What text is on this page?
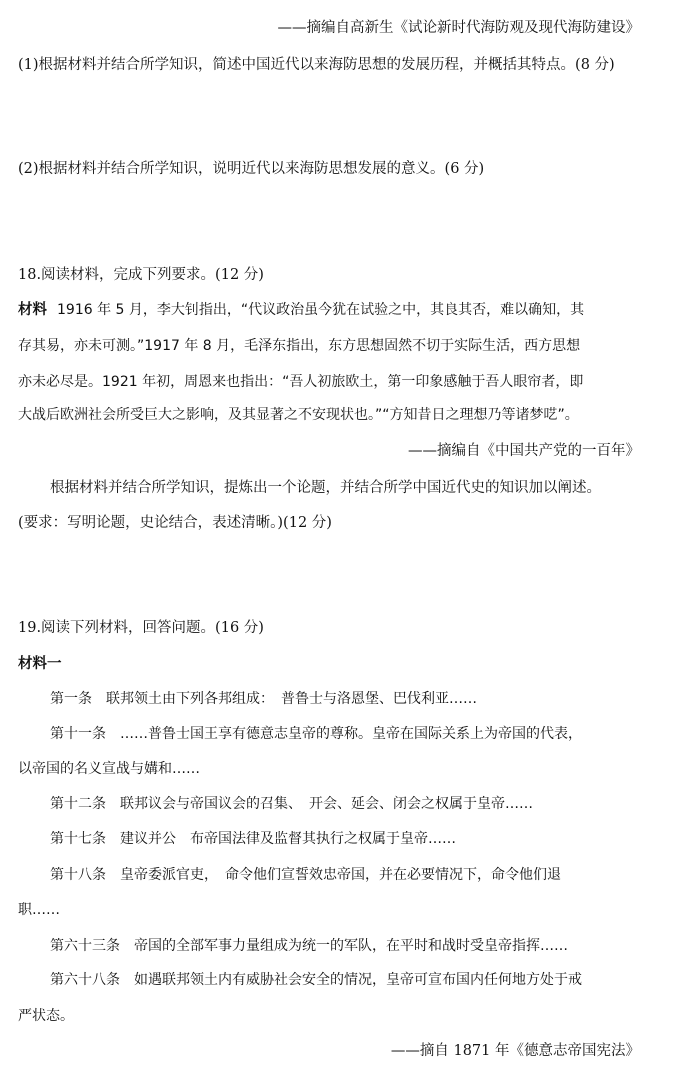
——摘编自高新生《试论新时代海防观及现代海防建设》
(1)根据材料并结合所学知识，简述中国近代以来海防思想的发展历程，并概括其特点。(8 分)
(2)根据材料并结合所学知识，说明近代以来海防思想发展的意义。(6 分)
18.阅读材料，完成下列要求。(12 分)
材料 1916 年 5 月，李大钊指出，“代议政治虽今犹在试验之中，其良其否，难以确知，其
存其易，亦未可测。”1917 年 8 月，毛泽东指出，东方思想固然不切于实际生活，西方思想
亦未必尽是。1921 年初，周恩来也指出：“吾人初旅欧土，第一印象感触于吾人眼帘者，即
大战后欧洲社会所受巨大之影响，及其显著之不安现状也。”“方知昔日之理想乃等诸梦呓”。
——摘编自《中国共产党的一百年》
根据材料并结合所学知识，提炼出一个论题，并结合所学中国近代史的知识加以阐述。
(要求：写明论题，史论结合，表述清晰。)(12 分)
19.阅读下列材料，回答问题。(16 分)
材料一
第一条　联邦领土由下列各邦组成：　普鲁士与洛恩堡、巴伐利亚……
第十一条　……普鲁士国王享有德意志皇帝的尊称。皇帝在国际关系上为帝国的代表，
以帝国的名义宣战与媾和……
第十二条　联邦议会与帝国议会的召集、　开会、延会、闭会之权属于皇帝……
第十七条　建议并公　布帝国法律及监督其执行之权属于皇帝……
第十八条　皇帝委派官吏，　命令他们宣誓效忠帝国，并在必要情况下，命令他们退
职……
第六十三条　帝国的全部军事力量组成为统一的军队，在平时和战时受皇帝指挥……
第六十八条　如遇联邦领土内有威胁社会安全的情况，皇帝可宣布国内任何地方处于戒
严状态。
——摘自 1871 年《德意志帝国宪法》
